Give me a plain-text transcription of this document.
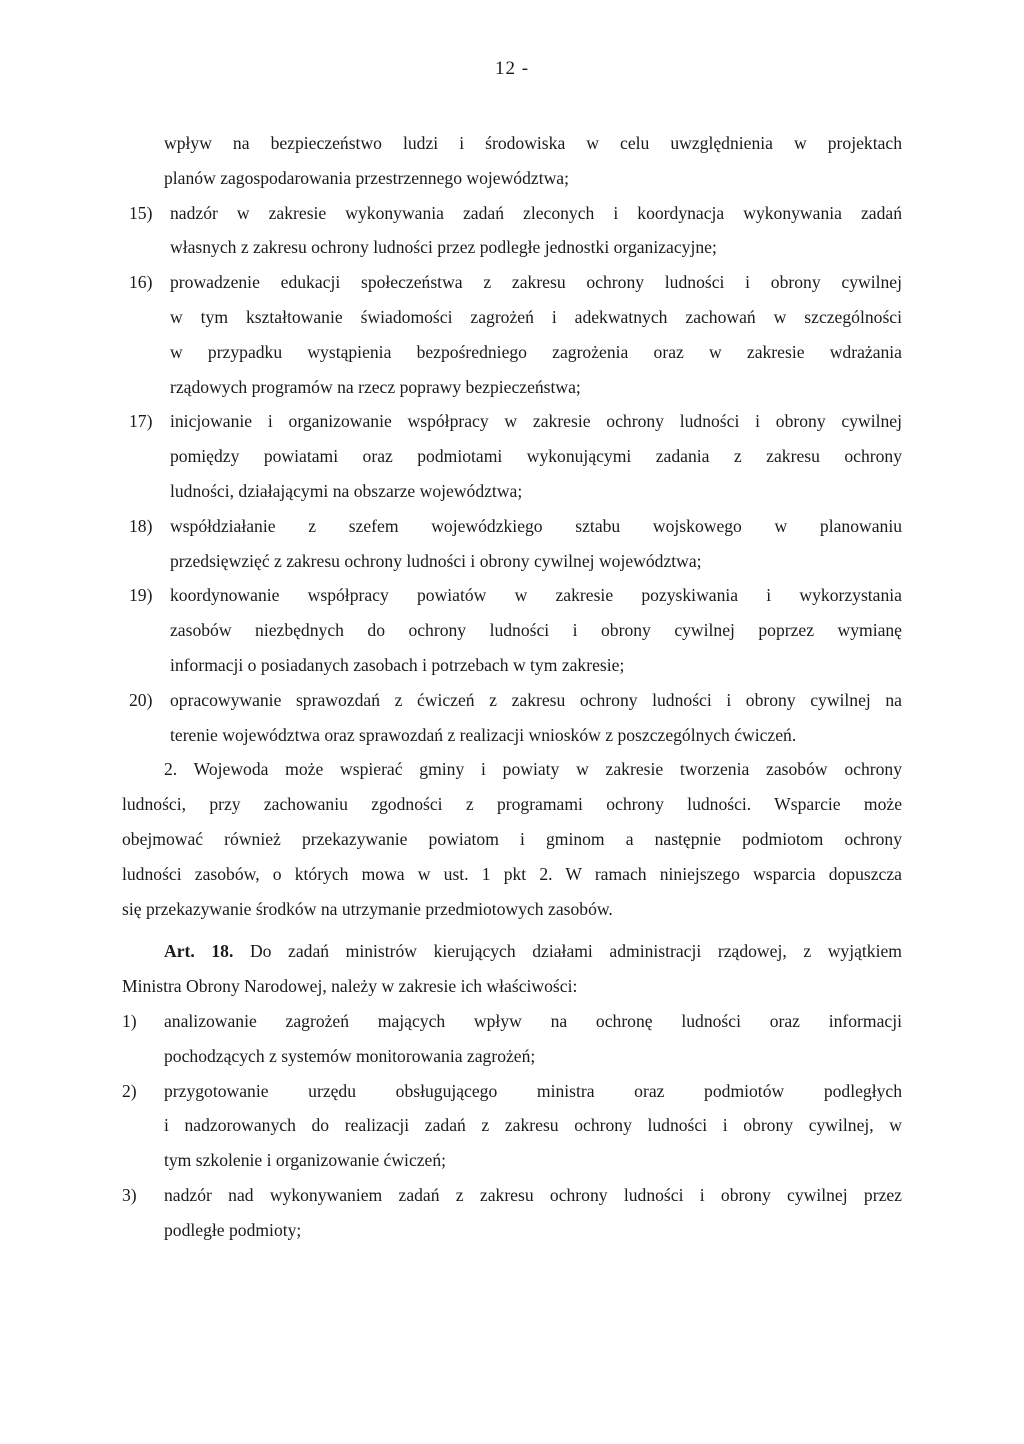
12 -
wpływ na bezpieczeństwo ludzi i środowiska w celu uwzględnienia w projektach
planów zagospodarowania przestrzennego województwa;
15) nadzór w zakresie wykonywania zadań zleconych i koordynacja wykonywania zadań
własnych z zakresu ochrony ludności przez podległe jednostki organizacyjne;
16) prowadzenie edukacji społeczeństwa z zakresu ochrony ludności i obrony cywilnej
w tym kształtowanie świadomości zagrożeń i adekwatnych zachowań w szczególności
w przypadku wystąpienia bezpośredniego zagrożenia oraz w zakresie wdrażania
rządowych programów na rzecz poprawy bezpieczeństwa;
17) inicjowanie i organizowanie współpracy w zakresie ochrony ludności i obrony cywilnej
pomiędzy powiatami oraz podmiotami wykonującymi zadania z zakresu ochrony
ludności, działającymi na obszarze województwa;
18) współdziałanie z szefem wojewódzkiego sztabu wojskowego w planowaniu
przedsięwzięć z zakresu ochrony ludności i obrony cywilnej województwa;
19) koordynowanie współpracy powiatów w zakresie pozyskiwania i wykorzystania
zasobów niezbędnych do ochrony ludności i obrony cywilnej poprzez wymianę
informacji o posiadanych zasobach i potrzebach w tym zakresie;
20) opracowywanie sprawozdań z ćwiczeń z zakresu ochrony ludności i obrony cywilnej na
terenie województwa oraz sprawozdań z realizacji wniosków z poszczególnych ćwiczeń.
2. Wojewoda może wspierać gminy i powiaty w zakresie tworzenia zasobów ochrony
ludności, przy zachowaniu zgodności z programami ochrony ludności. Wsparcie może
obejmować również przekazywanie powiatom i gminom a następnie podmiotom ochrony
ludności zasobów, o których mowa w ust. 1 pkt 2. W ramach niniejszego wsparcia dopuszcza
się przekazywanie środków na utrzymanie przedmiotowych zasobów.
Art. 18. Do zadań ministrów kierujących działami administracji rządowej, z wyjątkiem
Ministra Obrony Narodowej, należy w zakresie ich właściwości:
1) analizowanie zagrożeń mających wpływ na ochronę ludności oraz informacji
pochodzących z systemów monitorowania zagrożeń;
2) przygotowanie urzędu obsługującego ministra oraz podmiotów podległych
i nadzorowanych do realizacji zadań z zakresu ochrony ludności i obrony cywilnej, w
tym szkolenie i organizowanie ćwiczeń;
3) nadzór nad wykonywaniem zadań z zakresu ochrony ludności i obrony cywilnej przez
podległe podmioty;
